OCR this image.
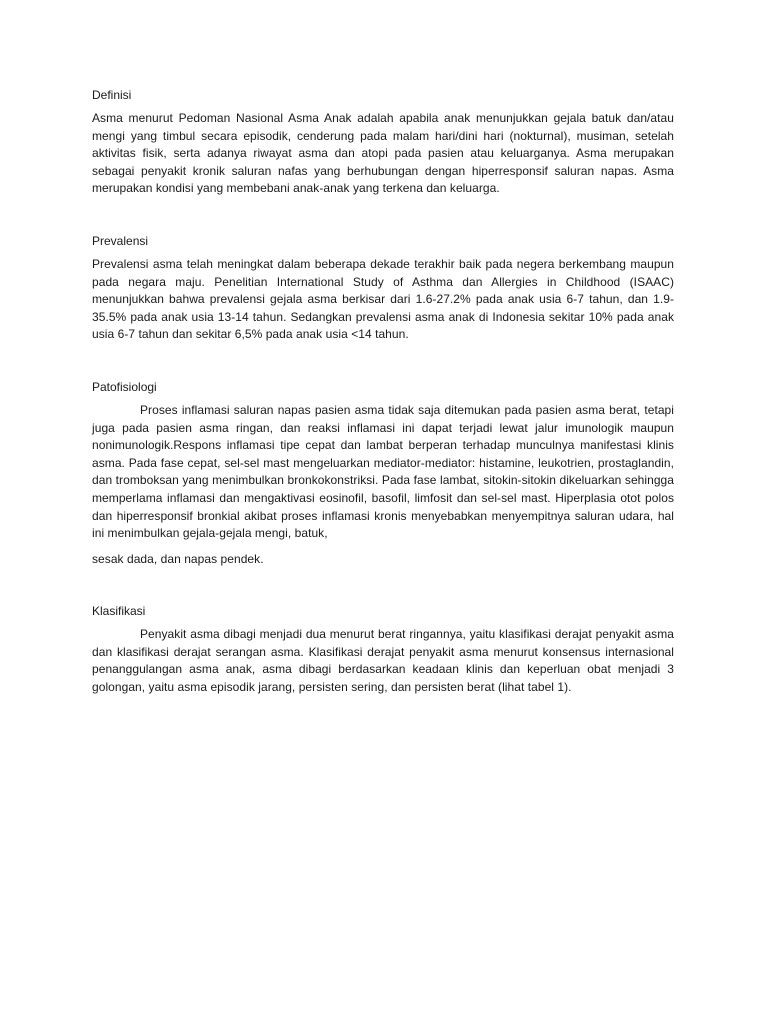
Definisi

Asma menurut Pedoman Nasional Asma Anak adalah apabila anak menunjukkan gejala batuk dan/atau mengi yang timbul secara episodik, cenderung pada malam hari/dini hari (nokturnal), musiman, setelah aktivitas fisik, serta adanya riwayat asma dan atopi pada pasien atau keluarganya. Asma merupakan sebagai penyakit kronik saluran nafas yang berhubungan dengan hiperresponsif saluran napas. Asma merupakan kondisi yang membebani anak-anak yang terkena dan keluarga.

Prevalensi

Prevalensi asma telah meningkat dalam beberapa dekade terakhir baik pada negera berkembang maupun pada negara maju. Penelitian International Study of Asthma dan Allergies in Childhood (ISAAC) menunjukkan bahwa prevalensi gejala asma berkisar dari 1.6-27.2% pada anak usia 6-7 tahun, dan 1.9-35.5% pada anak usia 13-14 tahun. Sedangkan prevalensi asma anak di Indonesia sekitar 10% pada anak usia 6-7 tahun dan sekitar 6,5% pada anak usia <14 tahun.

Patofisiologi

Proses inflamasi saluran napas pasien asma tidak saja ditemukan pada pasien asma berat, tetapi juga pada pasien asma ringan, dan reaksi inflamasi ini dapat terjadi lewat jalur imunologik maupun nonimunologik.Respons inflamasi tipe cepat dan lambat berperan terhadap munculnya manifestasi klinis asma. Pada fase cepat, sel-sel mast mengeluarkan mediator-mediator: histamine, leukotrien, prostaglandin, dan tromboksan yang menimbulkan bronkokonstriksi. Pada fase lambat, sitokin-sitokin dikeluarkan sehingga memperlama inflamasi dan mengaktivasi eosinofil, basofil, limfosit dan sel-sel mast. Hiperplasia otot polos dan hiperresponsif bronkial akibat proses inflamasi kronis menyebabkan menyempitnya saluran udara, hal ini menimbulkan gejala-gejala mengi, batuk,

sesak dada, dan napas pendek.

Klasifikasi

Penyakit asma dibagi menjadi dua menurut berat ringannya, yaitu klasifikasi derajat penyakit asma dan klasifikasi derajat serangan asma. Klasifikasi derajat penyakit asma menurut konsensus internasional penanggulangan asma anak, asma dibagi berdasarkan keadaan klinis dan keperluan obat menjadi 3 golongan, yaitu asma episodik jarang, persisten sering, dan persisten berat (lihat tabel 1).
